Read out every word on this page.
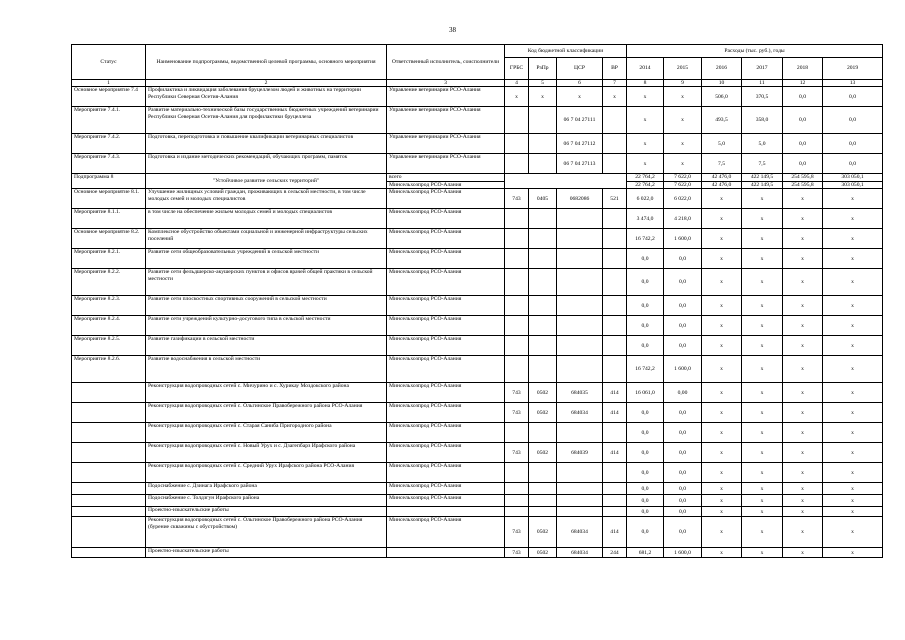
38
Статус	Наименование подпрограммы, ведомственной целевой программы, основного мероприятия	Ответственный исполнитель, соисполнители	Код бюджетной классификации				Расходы (тыс. руб.), годы					
			ГРБС	РзПр	ЦСР	ВР	2014	2015	2016	2017	2018	2019
1	2	3	4	5	6	7	8	9	10	11	12	13
Основное мероприятие 7.4	Профилактика и ликвидация заболевания бруцеллезом людей и животных на территории Республики Северная Осетия-Алания	Управление ветеринарии РСО-Алания	х	х	х	х	х	х	506,0	370,5	0,0	0,0
Мероприятие 7.4.1.	Развитие материально-технической базы государственных бюджетных учреждений ветеринарии Республики Северная Осетия-Алания для профилактики бруцеллеза	Управление ветеринарии РСО-Алания			06 7 04 27111		х	х	493,5	358,0	0,0	0,0
Мероприятие 7.4.2.	Подготовка, переподготовка и повышение квалификации ветеринарных специалистов	Управление ветеринарии РСО-Алания			06 7 04 27112		х	х	5,0	5,0	0,0	0,0
Мероприятие 7.4.3.	Подготовка и издание методических рекомендаций, обучающих программ, памяток	Управление ветеринарии РСО-Алания			06 7 04 27113		х	х	7,5	7,5	0,0	0,0
Подпрограмма 8	"Устойчивое развитие сельских территорий"	всего					22 764,2	7 622,0	42 476,0	422 149,5	254 595,8	303 050,1
		Минсельхозпрод РСО-Алания					22 764,2	7 622,0	42 476,0	422 149,5	254 595,8	303 050,1
Основное мероприятие 8.1.	Улучшение жилищных условий граждан, проживающих в сельской местности, в том числе молодых семей и молодых специалистов	Минсельхозпрод РСО-Алания	743	0405	0682086	521	6 022,0	6 022,0	х	х	х	х
Мероприятие 8.1.1.	в том числе на обеспечение жильем молодых семей и молодых специалистов	Минсельхозпрод РСО-Алания					3 474,0	4 218,0	х	х	х	х
Основное мероприятие 8.2.	Комплексное обустройство объектами социальной и инженерной инфраструктуры сельских поселений	Минсельхозпрод РСО-Алания					16 742,2	1 600,0	х	х	х	х
Мероприятие 8.2.1.	Развитие сети общеобразовательных учреждений в сельской местности	Минсельхозпрод РСО-Алания					0,0	0,0	х	х	х	х
Мероприятие 8.2.2.	Развитие сети фельдшерско-акушерских пунктов и офисов врачей общей практики в сельской местности	Минсельхозпрод РСО-Алания					0,0	0,0	х	х	х	х
Мероприятие 8.2.3.	Развитие сети плоскостных спортивных сооружений в сельской местности	Минсельхозпрод РСО-Алания					0,0	0,0	х	х	х	х
Мероприятие 8.2.4.	Развитие сети учреждений культурно-досугового типа в сельской местности	Минсельхозпрод РСО-Алания					0,0	0,0	х	х	х	х
Мероприятие 8.2.5.	Развитие газификации в сельской местности	Минсельхозпрод РСО-Алания					0,0	0,0	х	х	х	х
Мероприятие 8.2.6.	Развитие водоснабжения в сельской местности	Минсельхозпрод РСО-Алания					16 742,2	1 600,0	х	х	х	х
	Реконструкция водопроводных сетей с. Мичурино и с. Хурикау Моздокского района	Минсельхозпрод РСО-Алания	743	0502	684035	414	16 061,0	0,00	х	х	х	х
	Реконструкция водопроводных сетей с. Ольгинское Правобережного района РСО-Алания	Минсельхозпрод РСО-Алания	743	0502	684034	414	0,0	0,0	х	х	х	х
	Реконструкция водопроводных сетей с. Старая Саниба Пригородного района	Минсельхозпрод РСО-Алания					0,0	0,0	х	х	х	х
	Реконструкция водопроводных сетей с. Новый Урух и с. Дзагепбарз Ирафского района	Минсельхозпрод РСО-Алания	743	0502	684039	414	0,0	0,0	х	х	х	х
	Реконструкция водопроводных сетей с. Средний Урух Ирафского района РСО-Алания	Минсельхозпрод РСО-Алания					0,0	0,0	х	х	х	х
	Подоснабжение с. Дзинага Ирафского района	Минсельхозпрод РСО-Алания					0,0	0,0	х	х	х	х
	Подоснабжение с. Толдзгун Ирафского района	Минсельхозпрод РСО-Алания					0,0	0,0	х	х	х	х
	Проектно-изыскательские работы						0,0	0,0	х	х	х	х
	Реконструкция водопроводных сетей с. Ольгинское Правобережного района РСО-Алания (бурение скважины с обустройством)	Минсельхозпрод РСО-Алания	743	0502	684034	414	0,0	0,0	х	х	х	х
	Проектно-изыскательские работы		743	0502	684034	244	681,2	1 600,0	х	х	х	х
